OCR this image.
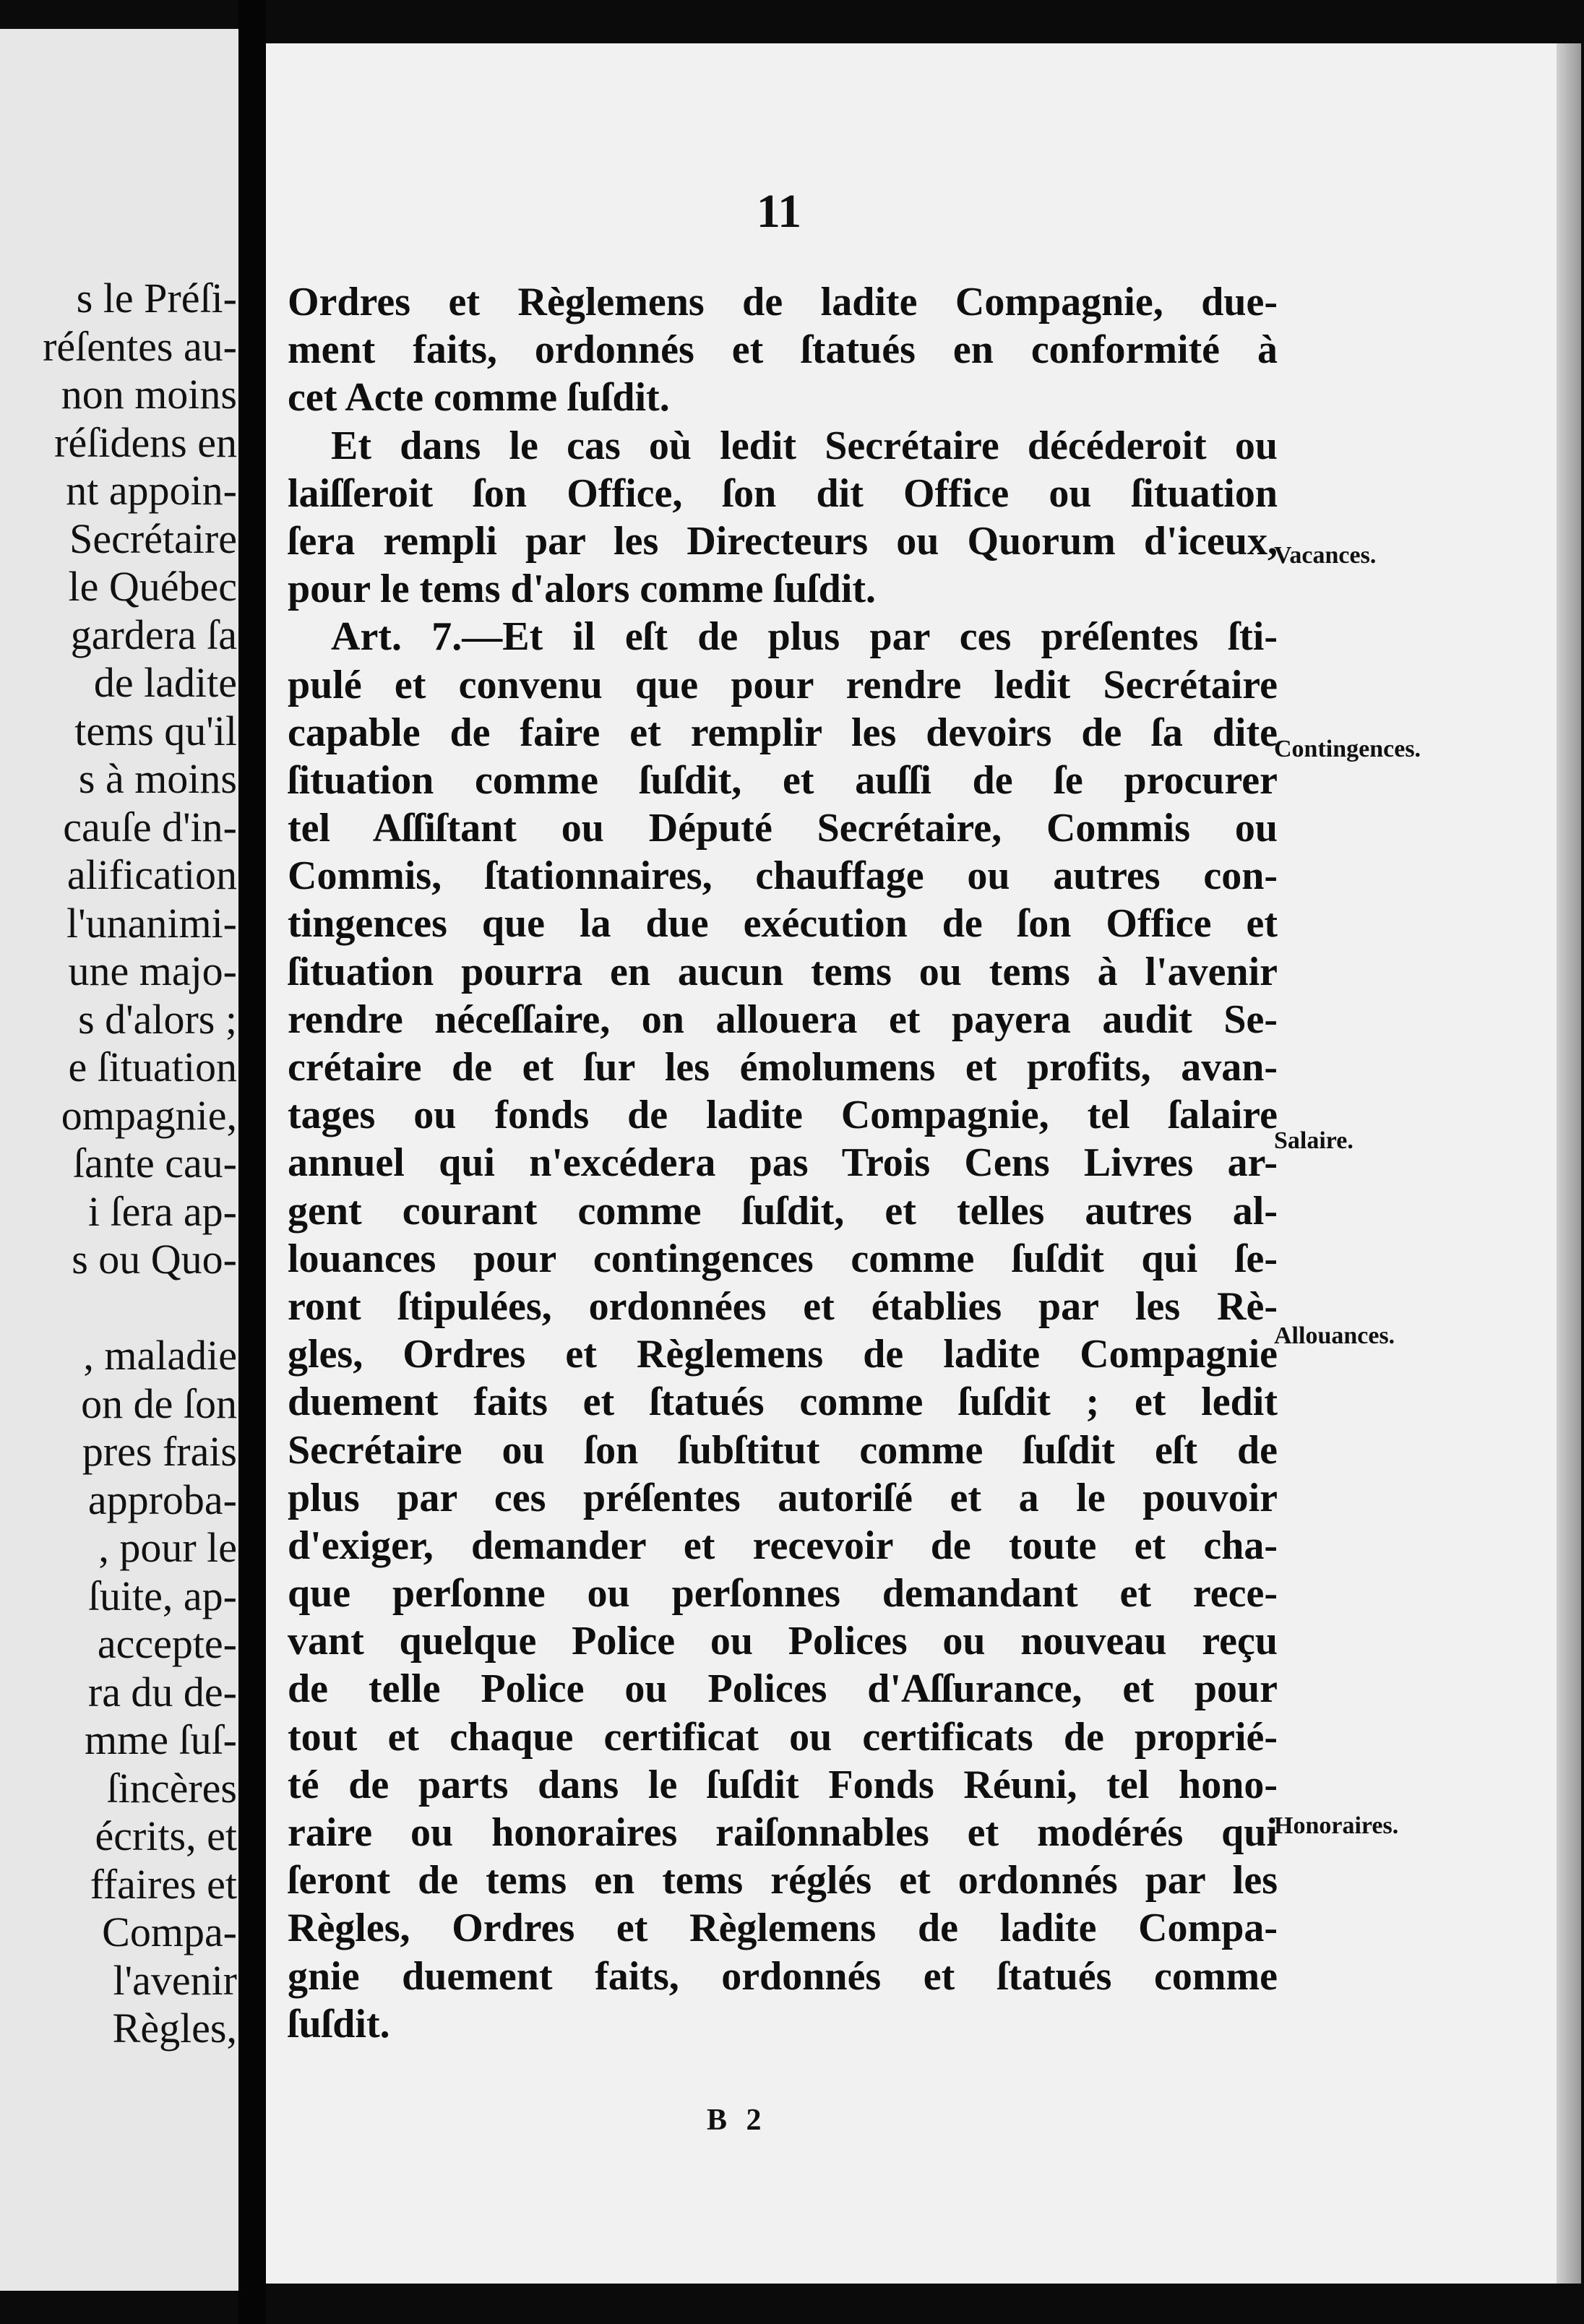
s le Préſi-
réſentes au-
non moins
réſidens en
nt appoin-
Secrétaire
le Québec
gardera ſa
de ladite
tems qu'il
s à moins
cauſe d'in-
alification
l'unanimi-
une majo-
s d'alors ;
e ſituation
ompagnie,
ſante cau-
i ſera ap-
s ou Quo-
, maladie
on de ſon
pres frais
approba-
, pour le
ſuite, ap-
accepte-
ra du de-
mme ſuſ-
ſincères
écrits, et
ffaires et
Compa-
l'avenir
Règles,
11
Ordres et Règlemens de ladite Compagnie, due-
ment faits, ordonnés et ſtatués en conformité à
cet Acte comme ſuſdit.
Et dans le cas où ledit Secrétaire décéderoit ou
laiſſeroit ſon Office, ſon dit Office ou ſituation
ſera rempli par les Directeurs ou Quorum d'iceux,
pour le tems d'alors comme ſuſdit.
Art. 7.—Et il eſt de plus par ces préſentes ſti-
pulé et convenu que pour rendre ledit Secrétaire
capable de faire et remplir les devoirs de ſa dite
ſituation comme ſuſdit, et auſſi de ſe procurer
tel Aſſiſtant ou Député Secrétaire, Commis ou
Commis, ſtationnaires, chauffage ou autres con-
tingences que la due exécution de ſon Office et
ſituation pourra en aucun tems ou tems à l'avenir
rendre néceſſaire, on allouera et payera audit Se-
crétaire de et ſur les émolumens et profits, avan-
tages ou fonds de ladite Compagnie, tel ſalaire
annuel qui n'excédera pas Trois Cens Livres ar-
gent courant comme ſuſdit, et telles autres al-
louances pour contingences comme ſuſdit qui ſe-
ront ſtipulées, ordonnées et établies par les Rè-
gles, Ordres et Règlemens de ladite Compagnie
duement faits et ſtatués comme ſuſdit ; et ledit
Secrétaire ou ſon ſubſtitut comme ſuſdit eſt de
plus par ces préſentes autoriſé et a le pouvoir
d'exiger, demander et recevoir de toute et cha-
que perſonne ou perſonnes demandant et rece-
vant quelque Police ou Polices ou nouveau reçu
de telle Police ou Polices d'Aſſurance, et pour
tout et chaque certificat ou certificats de proprié-
té de parts dans le ſuſdit Fonds Réuni, tel hono-
raire ou honoraires raiſonnables et modérés qui
ſeront de tems en tems réglés et ordonnés par les
Règles, Ordres et Règlemens de ladite Compa-
gnie duement faits, ordonnés et ſtatués comme
ſuſdit.
Vacances.
Contingences.
Salaire.
Allouances.
Honoraires.
B 2
